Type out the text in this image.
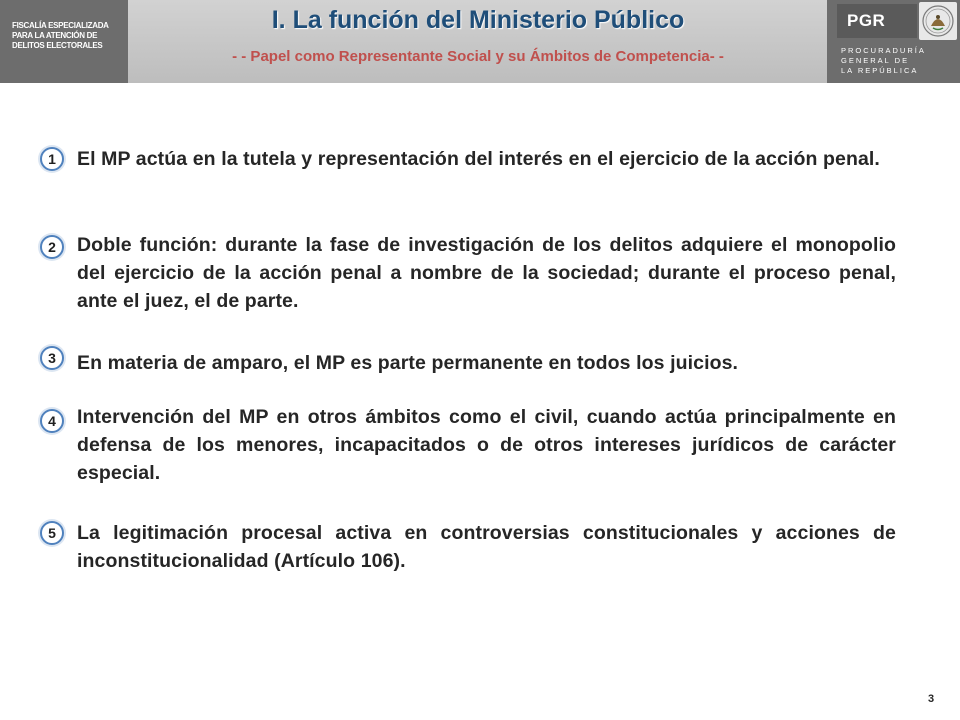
FISCALÍA ESPECIALIZADA
PARA LA ATENCIÓN DE
DELITOS ELECTORALES
I. La función del Ministerio Público
- - Papel como Representante Social y su Ámbitos de Competencia- -
PGR
PROCURADURÍA
GENERAL DE
LA REPÚBLICA
1	El MP actúa en la tutela y representación del interés en el ejercicio de la acción penal.
2	Doble función: durante la fase de investigación de los delitos adquiere el monopolio del ejercicio de la acción penal a nombre de la sociedad; durante el proceso penal, ante el juez, el de parte.
3	En materia de amparo, el MP es parte permanente en todos los juicios.
4	Intervención del MP en otros ámbitos como el civil, cuando actúa principalmente en defensa de los menores, incapacitados o de otros intereses jurídicos de carácter especial.
5	La legitimación procesal activa en controversias constitucionales y acciones de inconstitucionalidad (Artículo 106).
3
